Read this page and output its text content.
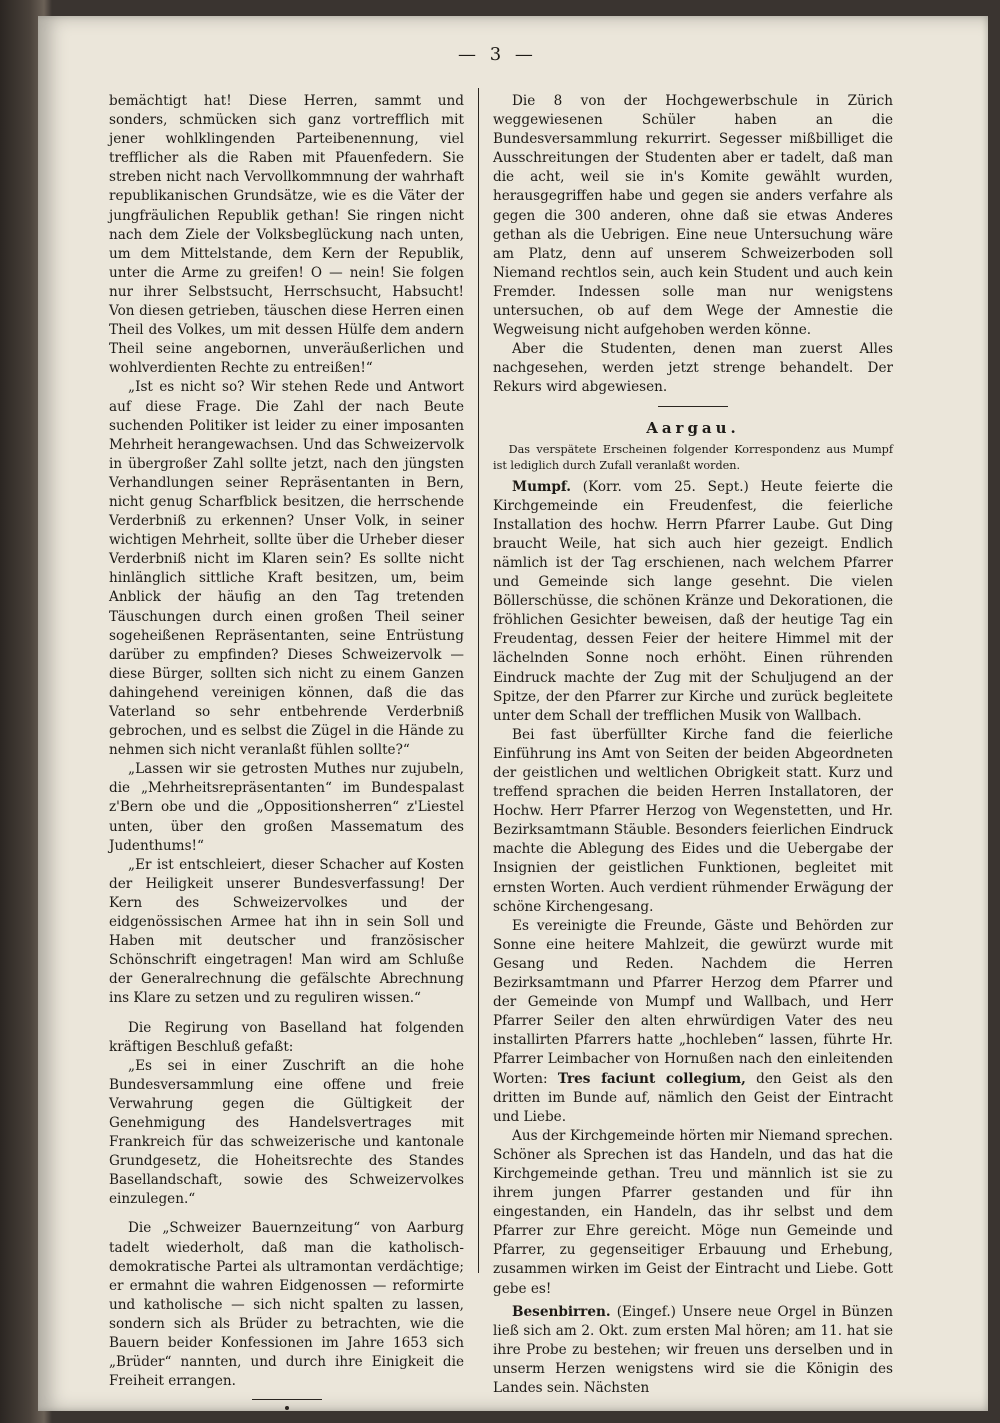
— 3 —

bemächtigt hat! Diese Herren, sammt und sonders, schmücken sich ganz vortrefflich mit jener wohlklingenden Parteibenennung, viel trefflicher als die Raben mit Pfauenfedern. Sie streben nicht nach Vervollkommnung der wahrhaft republikanischen Grundsätze, wie es die Väter der jungfräulichen Republik gethan! Sie ringen nicht nach dem Ziele der Volksbeglückung nach unten, um dem Mittelstande, dem Kern der Republik, unter die Arme zu greifen! O — nein! Sie folgen nur ihrer Selbstsucht, Herrschsucht, Habsucht! Von diesen getrieben, täuschen diese Herren einen Theil des Volkes, um mit dessen Hülfe dem andern Theil seine angebornen, unveräußerlichen und wohlverdienten Rechte zu entreißen!“

„Ist es nicht so? Wir stehen Rede und Antwort auf diese Frage. Die Zahl der nach Beute suchenden Politiker ist leider zu einer imposanten Mehrheit herangewachsen. Und das Schweizervolk in übergroßer Zahl sollte jetzt, nach den jüngsten Verhandlungen seiner Repräsentanten in Bern, nicht genug Scharfblick besitzen, die herrschende Verderbniß zu erkennen? Unser Volk, in seiner wichtigen Mehrheit, sollte über die Urheber dieser Verderbniß nicht im Klaren sein? Es sollte nicht hinlänglich sittliche Kraft besitzen, um, beim Anblick der häufig an den Tag tretenden Täuschungen durch einen großen Theil seiner sogeheißenen Repräsentanten, seine Entrüstung darüber zu empfinden? Dieses Schweizervolk — diese Bürger, sollten sich nicht zu einem Ganzen dahingehend vereinigen können, daß die das Vaterland so sehr entbehrende Verderbniß gebrochen, und es selbst die Zügel in die Hände zu nehmen sich nicht veranlaßt fühlen sollte?“

„Lassen wir sie getrosten Muthes nur zujubeln, die „Mehrheitsrepräsentanten“ im Bundespalast z'Bern obe und die „Oppositionsherren“ z'Liestel unten, über den großen Massematum des Judenthums!“

„Er ist entschleiert, dieser Schacher auf Kosten der Heiligkeit unserer Bundesverfassung! Der Kern des Schweizervolkes und der eidgenössischen Armee hat ihn in sein Soll und Haben mit deutscher und französischer Schönschrift eingetragen! Man wird am Schluße der Generalrechnung die gefälschte Abrechnung ins Klare zu setzen und zu reguliren wissen.“

Die Regirung von Baselland hat folgenden kräftigen Beschluß gefaßt:

„Es sei in einer Zuschrift an die hohe Bundesversammlung eine offene und freie Verwahrung gegen die Gültigkeit der Genehmigung des Handelsvertrages mit Frankreich für das schweizerische und kantonale Grundgesetz, die Hoheitsrechte des Standes Basellandschaft, sowie des Schweizervolkes einzulegen.“

Die „Schweizer Bauernzeitung“ von Aarburg tadelt wiederholt, daß man die katholisch-demokratische Partei als ultramontan verdächtige; er ermahnt die wahren Eidgenossen — reformirte und katholische — sich nicht spalten zu lassen, sondern sich als Brüder zu betrachten, wie die Bauern beider Konfessionen im Jahre 1653 sich „Brüder“ nannten, und durch ihre Einigkeit die Freiheit errangen.

Die 8 von der Hochgewerbschule in Zürich weggewiesenen Schüler haben an die Bundesversammlung rekurrirt. Segesser mißbilliget die Ausschreitungen der Studenten aber er tadelt, daß man die acht, weil sie in's Komite gewählt wurden, herausgegriffen habe und gegen sie anders verfahre als gegen die 300 anderen, ohne daß sie etwas Anderes gethan als die Uebrigen. Eine neue Untersuchung wäre am Platz, denn auf unserem Schweizerboden soll Niemand rechtlos sein, auch kein Student und auch kein Fremder. Indessen solle man nur wenigstens untersuchen, ob auf dem Wege der Amnestie die Wegweisung nicht aufgehoben werden könne.

Aber die Studenten, denen man zuerst Alles nachgesehen, werden jetzt strenge behandelt. Der Rekurs wird abgewiesen.

Aargau.

Das verspätete Erscheinen folgender Korrespondenz aus Mumpf ist lediglich durch Zufall veranlaßt worden.

Mumpf. (Korr. vom 25. Sept.) Heute feierte die Kirchgemeinde ein Freudenfest, die feierliche Installation des hochw. Herrn Pfarrer Laube. Gut Ding braucht Weile, hat sich auch hier gezeigt. Endlich nämlich ist der Tag erschienen, nach welchem Pfarrer und Gemeinde sich lange gesehnt. Die vielen Böllerschüsse, die schönen Kränze und Dekorationen, die fröhlichen Gesichter beweisen, daß der heutige Tag ein Freudentag, dessen Feier der heitere Himmel mit der lächelnden Sonne noch erhöht. Einen rührenden Eindruck machte der Zug mit der Schuljugend an der Spitze, der den Pfarrer zur Kirche und zurück begleitete unter dem Schall der trefflichen Musik von Wallbach.

Bei fast überfüllter Kirche fand die feierliche Einführung ins Amt von Seiten der beiden Abgeordneten der geistlichen und weltlichen Obrigkeit statt. Kurz und treffend sprachen die beiden Herren Installatoren, der Hochw. Herr Pfarrer Herzog von Wegenstetten, und Hr. Bezirksamtmann Stäuble. Besonders feierlichen Eindruck machte die Ablegung des Eides und die Uebergabe der Insignien der geistlichen Funktionen, begleitet mit ernsten Worten. Auch verdient rühmender Erwägung der schöne Kirchengesang.

Es vereinigte die Freunde, Gäste und Behörden zur Sonne eine heitere Mahlzeit, die gewürzt wurde mit Gesang und Reden. Nachdem die Herren Bezirksamtmann und Pfarrer Herzog dem Pfarrer und der Gemeinde von Mumpf und Wallbach, und Herr Pfarrer Seiler den alten ehrwürdigen Vater des neu installirten Pfarrers hatte „hochleben“ lassen, führte Hr. Pfarrer Leimbacher von Hornußen nach den einleitenden Worten: Tres faciunt collegium, den Geist als den dritten im Bunde auf, nämlich den Geist der Eintracht und Liebe.

Aus der Kirchgemeinde hörten mir Niemand sprechen. Schöner als Sprechen ist das Handeln, und das hat die Kirchgemeinde gethan. Treu und männlich ist sie zu ihrem jungen Pfarrer gestanden und für ihn eingestanden, ein Handeln, das ihr selbst und dem Pfarrer zur Ehre gereicht. Möge nun Gemeinde und Pfarrer, zu gegenseitiger Erbauung und Erhebung, zusammen wirken im Geist der Eintracht und Liebe. Gott gebe es!

Besenbirren. (Eingef.) Unsere neue Orgel in Bünzen ließ sich am 2. Okt. zum ersten Mal hören; am 11. hat sie ihre Probe zu bestehen; wir freuen uns derselben und in unserm Herzen wenigstens wird sie die Königin des Landes sein. Nächsten
